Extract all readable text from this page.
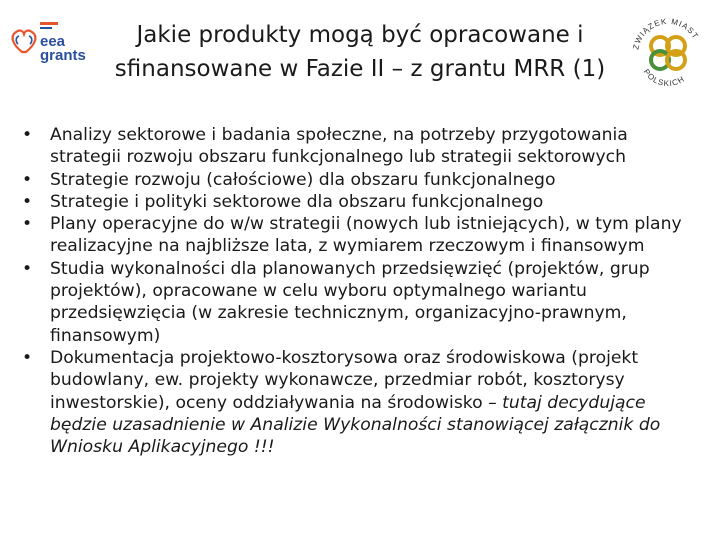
eea
grants
Jakie produkty mogą być opracowane i sfinansowane w Fazie II – z grantu MRR (1)
ZWIĄZEK MIAST
POLSKICH
•	Analizy sektorowe i badania społeczne, na potrzeby przygotowania strategii rozwoju obszaru funkcjonalnego lub strategii sektorowych
•	Strategie rozwoju (całościowe) dla obszaru funkcjonalnego
•	Strategie i polityki sektorowe dla obszaru funkcjonalnego
•	Plany operacyjne do w/w strategii (nowych lub istniejących), w tym plany realizacyjne na najbliższe lata, z wymiarem rzeczowym i finansowym
•	Studia wykonalności dla planowanych przedsięwzięć (projektów, grup projektów), opracowane w celu wyboru optymalnego wariantu przedsięwzięcia (w zakresie technicznym, organizacyjno-prawnym, finansowym)
•	Dokumentacja projektowo-kosztorysowa oraz środowiskowa (projekt budowlany, ew. projekty wykonawcze, przedmiar robót, kosztorysy inwestorskie), oceny oddziaływania na środowisko – tutaj decydujące będzie uzasadnienie w Analizie Wykonalności stanowiącej załącznik do Wniosku Aplikacyjnego !!!
